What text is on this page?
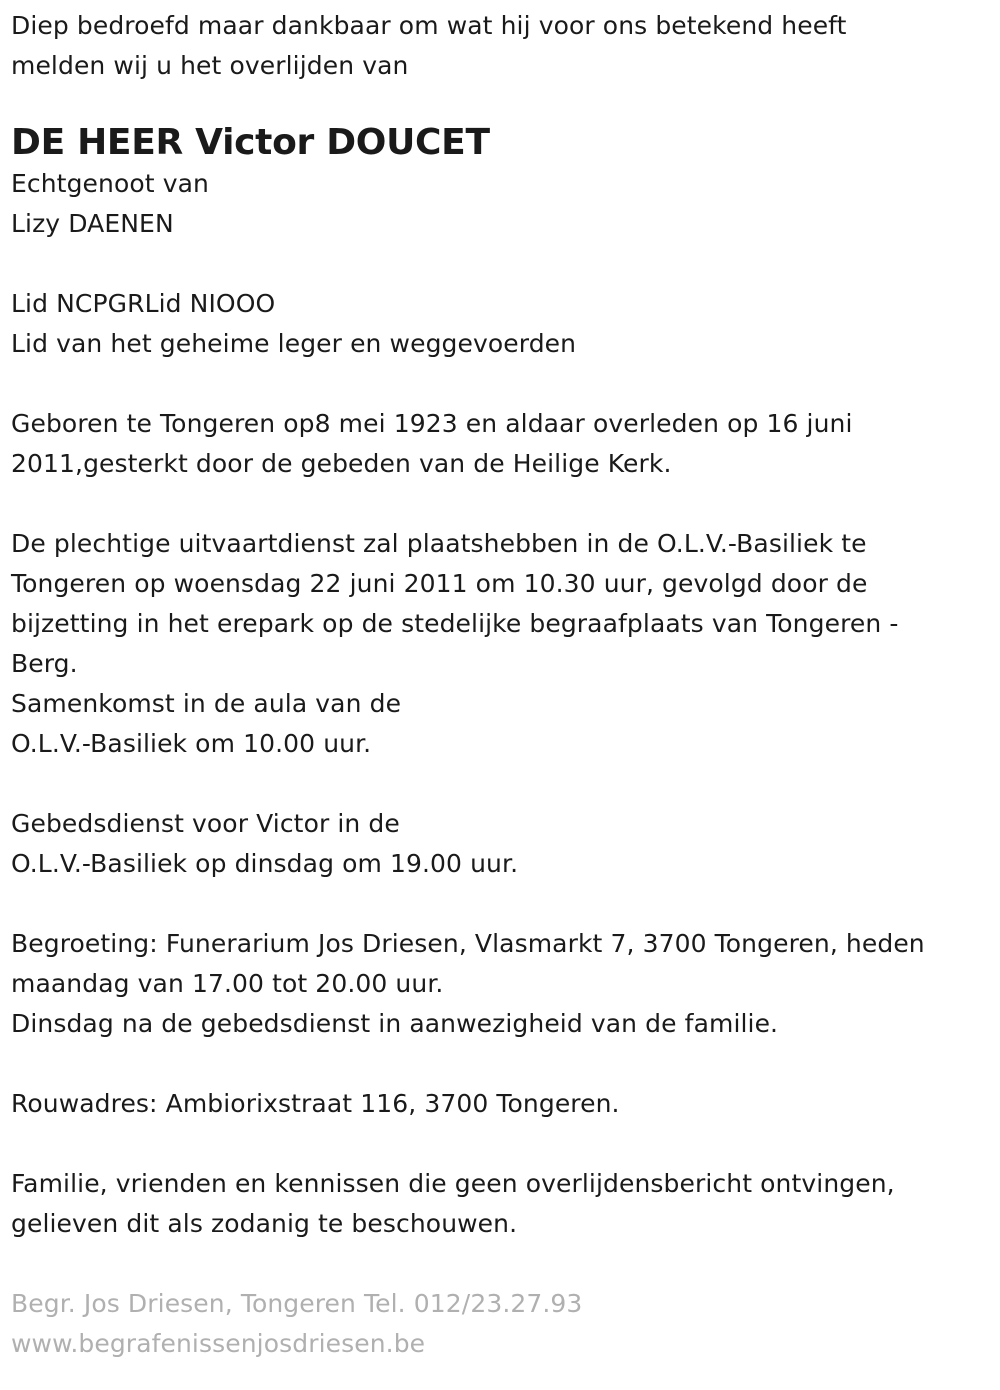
Diep bedroefd maar dankbaar om wat hij voor ons betekend heeft
melden wij u het overlijden van
DE HEER Victor DOUCET
Echtgenoot van
Lizy DAENEN
Lid NCPGRLid NIOOO
Lid van het geheime leger en weggevoerden
Geboren te Tongeren op8 mei 1923 en aldaar overleden op 16 juni
2011,gesterkt door de gebeden van de Heilige Kerk.
De plechtige uitvaartdienst zal plaatshebben in de O.L.V.-Basiliek te
Tongeren op woensdag 22 juni 2011 om 10.30 uur, gevolgd door de
bijzetting in het erepark op de stedelijke begraafplaats van Tongeren -
Berg.
Samenkomst in de aula van de
O.L.V.-Basiliek om 10.00 uur.
Gebedsdienst voor Victor in de
O.L.V.-Basiliek op dinsdag om 19.00 uur.
Begroeting: Funerarium Jos Driesen, Vlasmarkt 7, 3700 Tongeren, heden
maandag van 17.00 tot 20.00 uur.
Dinsdag na de gebedsdienst in aanwezigheid van de familie.
Rouwadres: Ambiorixstraat 116, 3700 Tongeren.
Familie, vrienden en kennissen die geen overlijdensbericht ontvingen,
gelieven dit als zodanig te beschouwen.
Begr. Jos Driesen, Tongeren Tel. 012/23.27.93
www.begrafenissenjosdriesen.be
